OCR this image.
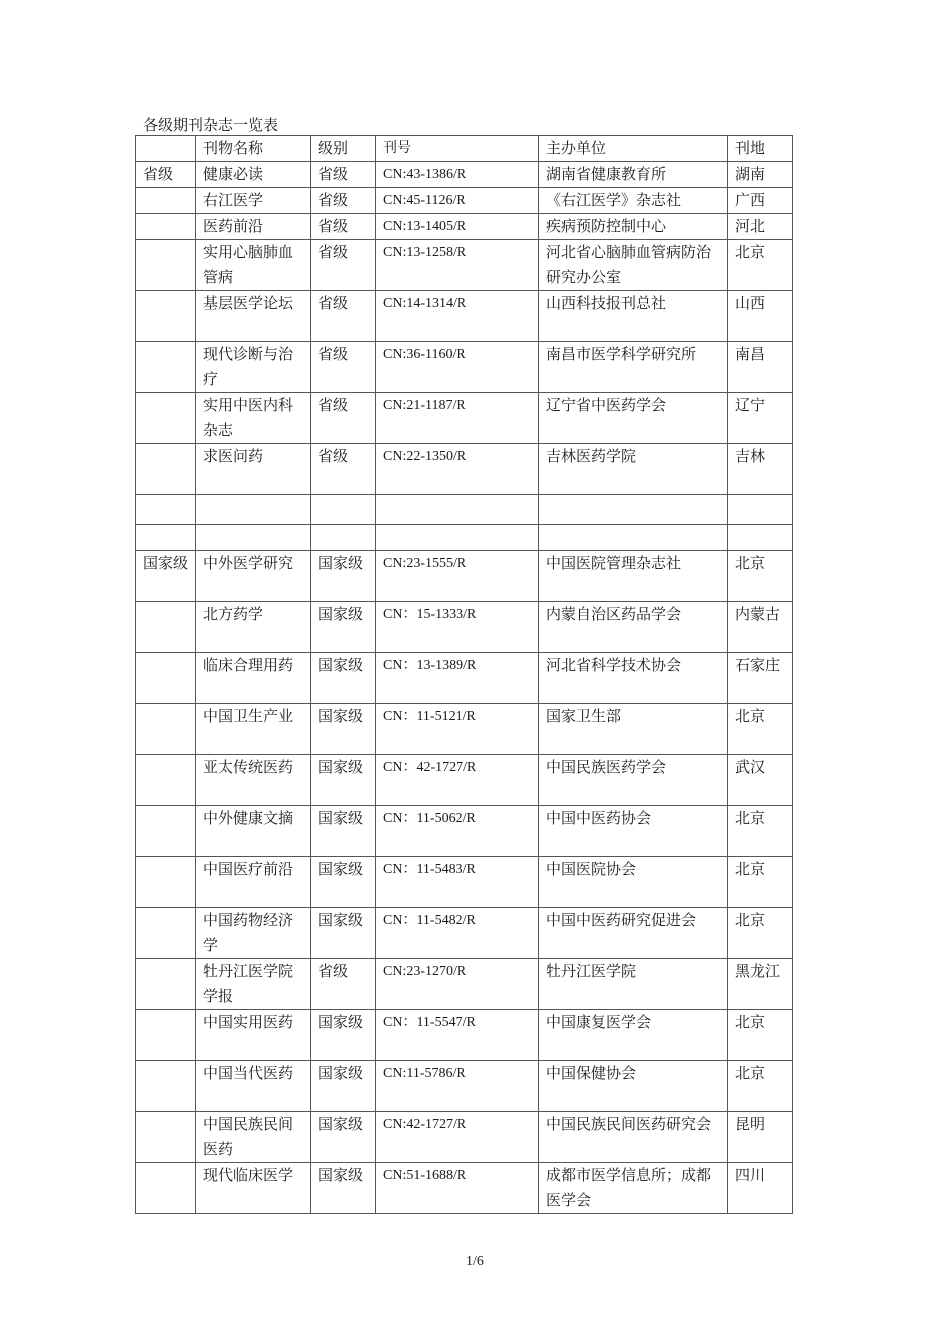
各级期刊杂志一览表
	刊物名称	级别	刊号	主办单位	刊地
省级	健康必读	省级	CN:43-1386/R	湖南省健康教育所	湖南
	右江医学	省级	CN:45-1126/R	《右江医学》杂志社	广西
	医药前沿	省级	CN:13-1405/R	疾病预防控制中心	河北
	实用心脑肺血管病	省级	CN:13-1258/R	河北省心脑肺血管病防治研究办公室	北京
	基层医学论坛	省级	CN:14-1314/R	山西科技报刊总社	山西
	现代诊断与治疗	省级	CN:36-1160/R	南昌市医学科学研究所	南昌
	实用中医内科杂志	省级	CN:21-1187/R	辽宁省中医药学会	辽宁
	求医问药	省级	CN:22-1350/R	吉林医药学院	吉林

国家级	中外医学研究	国家级	CN:23-1555/R	中国医院管理杂志社	北京
	北方药学	国家级	CN：15-1333/R	内蒙自治区药品学会	内蒙古
	临床合理用药	国家级	CN：13-1389/R	河北省科学技术协会	石家庄
	中国卫生产业	国家级	CN：11-5121/R	国家卫生部	北京
	亚太传统医药	国家级	CN：42-1727/R	中国民族医药学会	武汉
	中外健康文摘	国家级	CN：11-5062/R	中国中医药协会	北京
	中国医疗前沿	国家级	CN：11-5483/R	中国医院协会	北京
	中国药物经济学	国家级	CN：11-5482/R	中国中医药研究促进会	北京
	牡丹江医学院学报	省级	CN:23-1270/R	牡丹江医学院	黑龙江
	中国实用医药	国家级	CN：11-5547/R	中国康复医学会	北京
	中国当代医药	国家级	CN:11-5786/R	中国保健协会	北京
	中国民族民间医药	国家级	CN:42-1727/R	中国民族民间医药研究会	昆明
	现代临床医学	国家级	CN:51-1688/R	成都市医学信息所；成都医学会	四川
1/6
